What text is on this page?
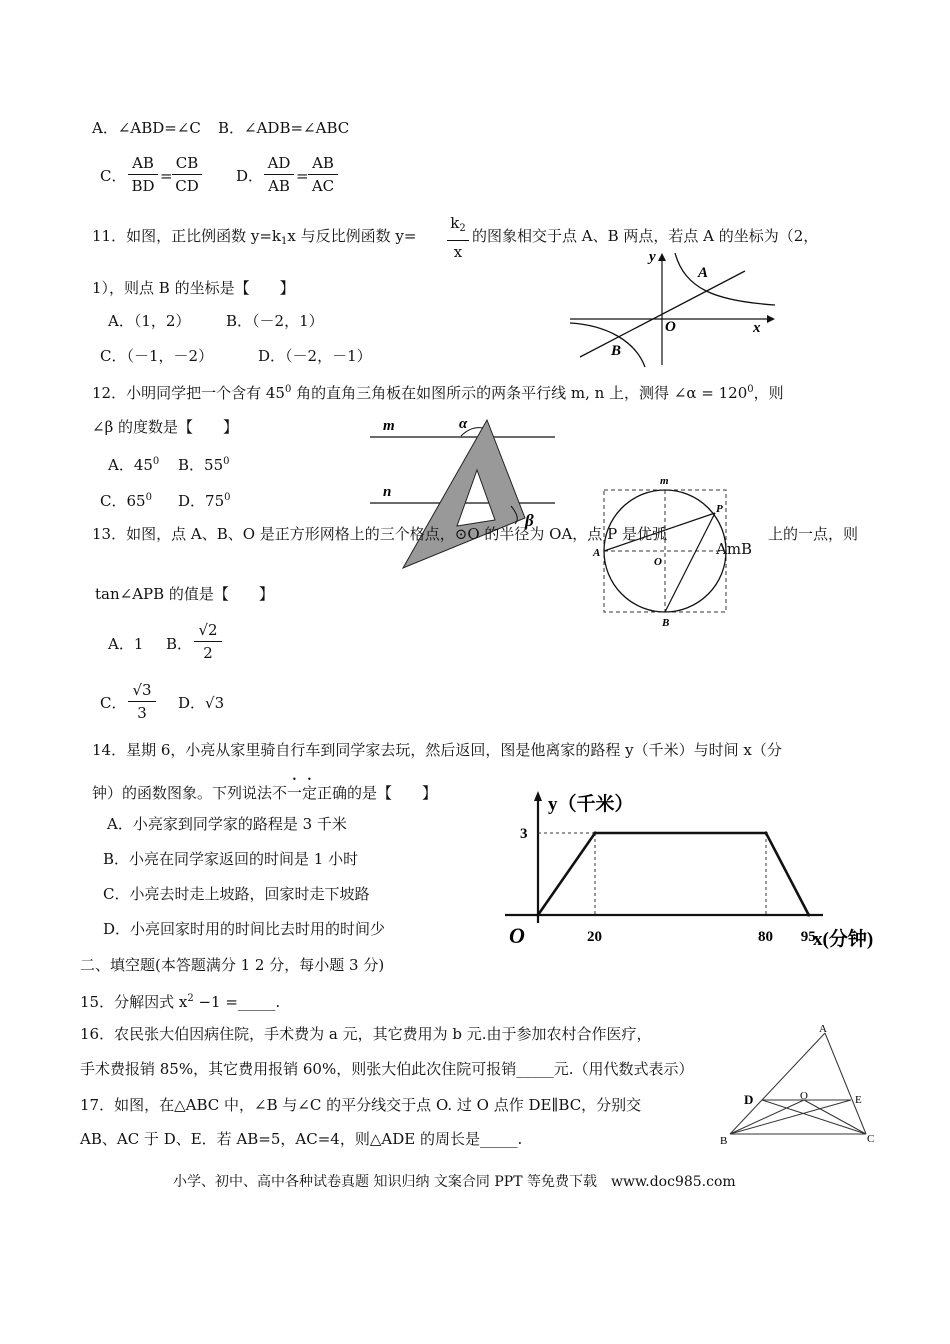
A．∠ABD=∠C B．∠ADB=∠ABC
C． $\frac{AB}{BD} = \frac{CB}{CD}$ D． $\frac{AD}{AB} = \frac{AB}{AC}$
11．如图，正比例函数 $y=k_1x$ 与反比例函数 $y= \frac{k_2}{x}$ 的图象相交于点 A、B 两点，若点 A 的坐标为（2，
1），则点 B 的坐标是【　　】
A．（1，2） B．（－2，1）
C．（－1，－2）	D．（－2，－1）
y
x
O
A
B
12．小明同学把一个含有 $45^0$ 角的直角三角板在如图所示的两条平行线 m, n 上，测得 ∠α = $120^0$，则
∠β 的度数是【　　】
A．$45^0$ B．$55^0$
C．$65^0$ D．$75^0$
m
n
α
β
13．如图，点 A、B、O 是正方形网格上的三个格点，⊙O 的半径为 OA，点 P 是优弧	上的一点，则
AmB
tan∠APB 的值是【　　】
A．1 B． $\frac{√2}{2}$
C． $\frac{√3}{3}$ D．√3
m
P
A
O
B
14．星期 6，小亮从家里骑自行车到同学家去玩，然后返回，图是他离家的路程 y（千米）与时间 x（分
钟）的函数图象。下列说法不一定正确的是【　　】
A．小亮家到同学家的路程是 3 千米
B．小亮在同学家返回的时间是 1 小时
C．小亮去时走上坡路，回家时走下坡路
D．小亮回家时用的时间比去时用的时间少
y（千米）
x(分钟)
O	20	80 95
3
二、填空题(本答题满分 1 2 分，每小题 3 分)
15．分解因式 $x^2 -1$ =_____.
16．农民张大伯因病住院，手术费为 a 元，其它费用为 b 元.由于参加农村合作医疗，
手术费报销 85%，其它费用报销 60%，则张大伯此次住院可报销_____元.（用代数式表示）
17．如图，在△ABC 中，∠B 与∠C 的平分线交于点 O. 过 O 点作 DE∥BC，分别交
AB、AC 于 D、E．若 AB=5，AC=4，则△ADE 的周长是_____.
A
B	C
D	E
O
小学、初中、高中各种试卷真题 知识归纳 文案合同 PPT 等免费下载　www.doc985.com
